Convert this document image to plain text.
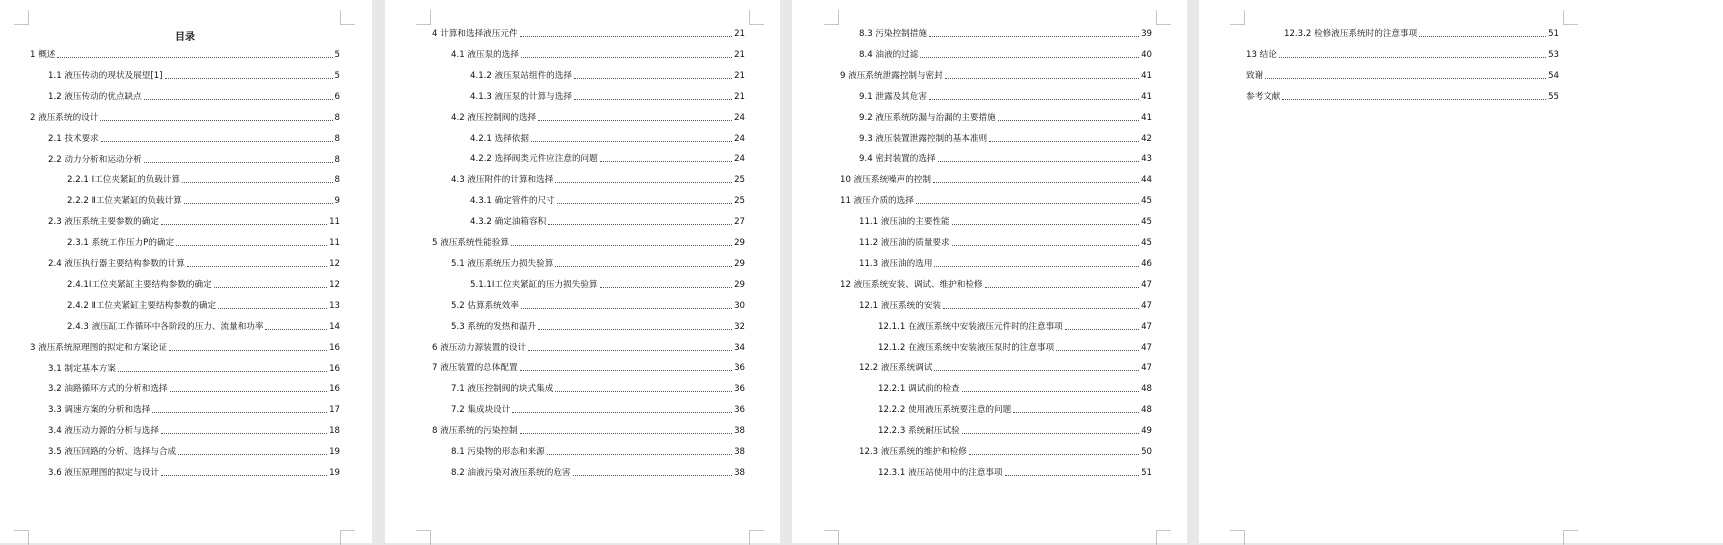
目录
1 概述	5
1.1 液压传动的现状及展望[1]	5
1.2 液压传动的优点缺点	6
2 液压系统的设计	8
2.1 技术要求	8
2.2 动力分析和运动分析	8
2.2.1 Ⅰ工位夹紧缸的负载计算	8
2.2.2 Ⅱ工位夹紧缸的负载计算	9
2.3 液压系统主要参数的确定	11
2.3.1 系统工作压力P的确定	11
2.4 液压执行器主要结构参数的计算	12
2.4.1Ⅰ工位夹紧缸主要结构参数的确定	12
2.4.2 Ⅱ工位夹紧缸主要结构参数的确定	13
2.4.3 液压缸工作循环中各阶段的压力、流量和功率	14
3 液压系统原理图的拟定和方案论证	16
3.1 制定基本方案	16
3.2 油路循环方式的分析和选择	16
3.3 调速方案的分析和选择	17
3.4 液压动力源的分析与选择	18
3.5 液压回路的分析、选择与合成	19
3.6 液压原理图的拟定与设计	19
4 计算和选择液压元件	21
4.1 液压泵的选择	21
4.1.2 液压泵站组件的选择	21
4.1.3 液压泵的计算与选择	21
4.2 液压控制阀的选择	24
4.2.1 选择依据	24
4.2.2 选择阀类元件应注意的问题	24
4.3 液压附件的计算和选择	25
4.3.1 确定管件的尺寸	25
4.3.2 确定油箱容积	27
5 液压系统性能验算	29
5.1 液压系统压力损失验算	29
5.1.1Ⅰ工位夹紧缸的压力损失验算	29
5.2 估算系统效率	30
5.3 系统的发热和温升	32
6 液压动力源装置的设计	34
7 液压装置的总体配置	36
7.1 液压控制阀的块式集成	36
7.2 集成块设计	36
8 液压系统的污染控制	38
8.1 污染物的形态和来源	38
8.2 油液污染对液压系统的危害	38
8.3 污染控制措施	39
8.4 油液的过滤	40
9 液压系统泄露控制与密封	41
9.1 泄露及其危害	41
9.2 液压系统防漏与治漏的主要措施	41
9.3 液压装置泄露控制的基本准则	42
9.4 密封装置的选择	43
10 液压系统噪声的控制	44
11 液压介质的选择	45
11.1 液压油的主要性能	45
11.2 液压油的质量要求	45
11.3 液压油的选用	46
12 液压系统安装、调试、维护和检修	47
12.1 液压系统的安装	47
12.1.1 在液压系统中安装液压元件时的注意事项	47
12.1.2 在液压系统中安装液压泵时的注意事项	47
12.2 液压系统调试	47
12.2.1 调试前的检查	48
12.2.2 使用液压系统要注意的问题	48
12.2.3 系统耐压试验	49
12.3 液压系统的维护和检修	50
12.3.1 液压站使用中的注意事项	51
12.3.2 检修液压系统时的注意事项	51
13 结论	53
致谢	54
参考文献	55
